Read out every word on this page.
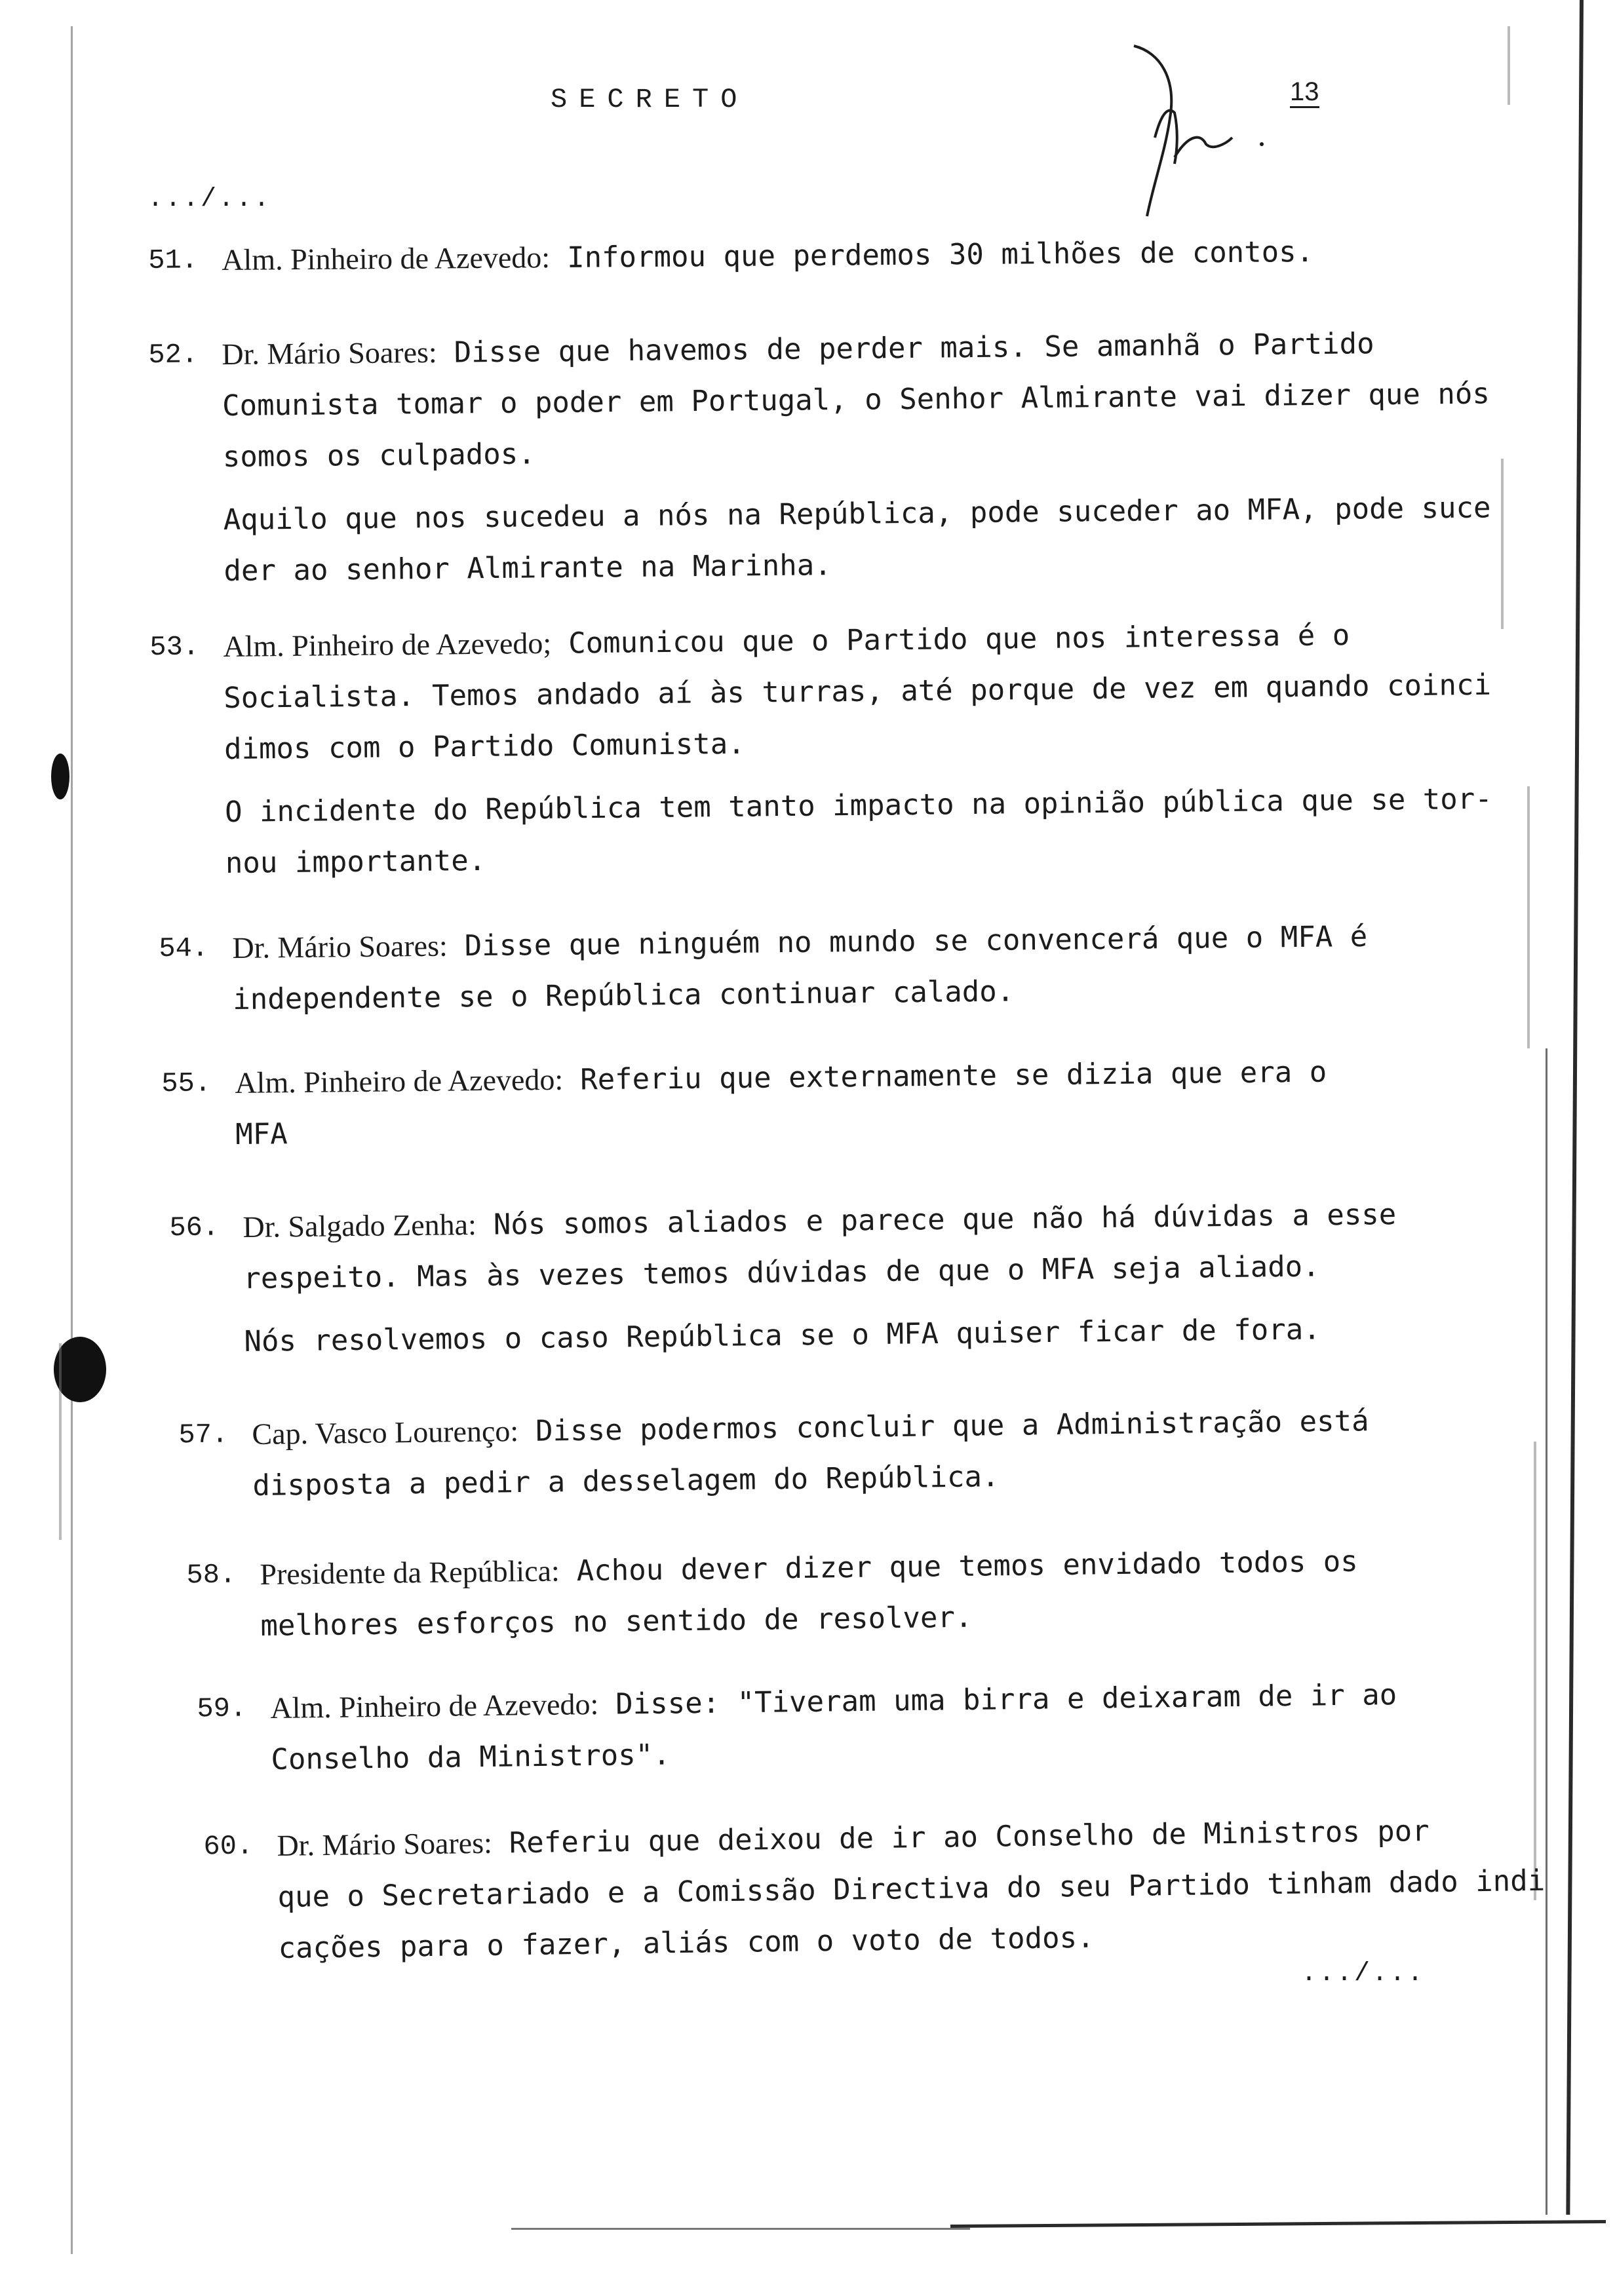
SECRETO	13
.../...
51. Alm. Pinheiro de Azevedo: Informou que perdemos 30 milhões de contos.

52. Dr. Mário Soares: Disse que havemos de perder mais. Se amanhã o Partido

Comunista tomar o poder em Portugal, o Senhor Almirante vai dizer que nós

somos os culpados.

Aquilo que nos sucedeu a nós na República, pode suceder ao MFA, pode suce

der ao senhor Almirante na Marinha.

53. Alm. Pinheiro de Azevedo; Comunicou que o Partido que nos interessa é o

Socialista. Temos andado aí às turras, até porque de vez em quando coinci

dimos com o Partido Comunista.

O incidente do República tem tanto impacto na opinião pública que se tor-

nou importante.

54. Dr. Mário Soares: Disse que ninguém no mundo se convencerá que o MFA é

independente se o República continuar calado.

55. Alm. Pinheiro de Azevedo: Referiu que externamente se dizia que era o

MFA

56. Dr. Salgado Zenha: Nós somos aliados e parece que não há dúvidas a esse

respeito. Mas às vezes temos dúvidas de que o MFA seja aliado.

Nós resolvemos o caso República se o MFA quiser ficar de fora.

57. Cap. Vasco Lourenço: Disse podermos concluir que a Administração está

disposta a pedir a desselagem do República.

58. Presidente da República: Achou dever dizer que temos envidado todos os

melhores esforços no sentido de resolver.

59. Alm. Pinheiro de Azevedo: Disse: "Tiveram uma birra e deixaram de ir ao

Conselho da Ministros".

60. Dr. Mário Soares: Referiu que deixou de ir ao Conselho de Ministros por

que o Secretariado e a Comissão Directiva do seu Partido tinham dado indi

cações para o fazer, aliás com o voto de todos.

.../...
